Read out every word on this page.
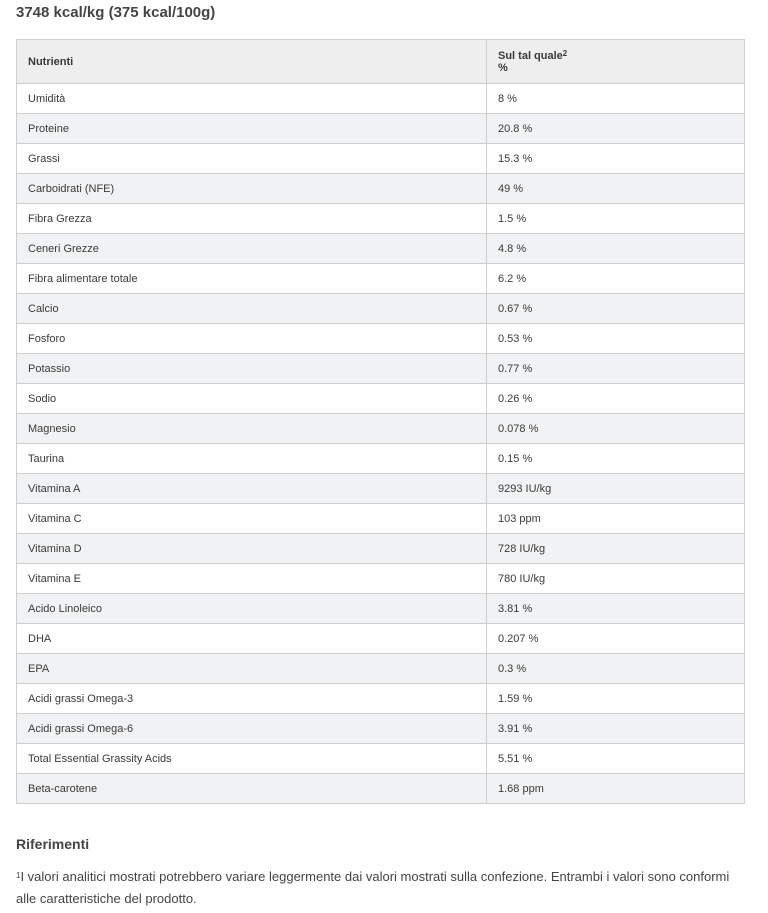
3748 kcal/kg (375 kcal/100g)

Nutrienti	Sul tal quale$^2$
%
Umidità	8 %
Proteine	20.8 %
Grassi	15.3 %
Carboidrati (NFE)	49 %
Fibra Grezza	1.5 %
Ceneri Grezze	4.8 %
Fibra alimentare totale	6.2 %
Calcio	0.67 %
Fosforo	0.53 %
Potassio	0.77 %
Sodio	0.26 %
Magnesio	0.078 %
Taurina	0.15 %
Vitamina A	9293 IU/kg
Vitamina C	103 ppm
Vitamina D	728 IU/kg
Vitamina E	780 IU/kg
Acido Linoleico	3.81 %
DHA	0.207 %
EPA	0.3 %
Acidi grassi Omega-3	1.59 %
Acidi grassi Omega-6	3.91 %
Total Essential Grassity Acids	5.51 %
Beta-carotene	1.68 ppm
Riferimenti

$^1$I valori analitici mostrati potrebbero variare leggermente dai valori mostrati sulla confezione. Entrambi i valori sono conformi alle caratteristiche del prodotto.
